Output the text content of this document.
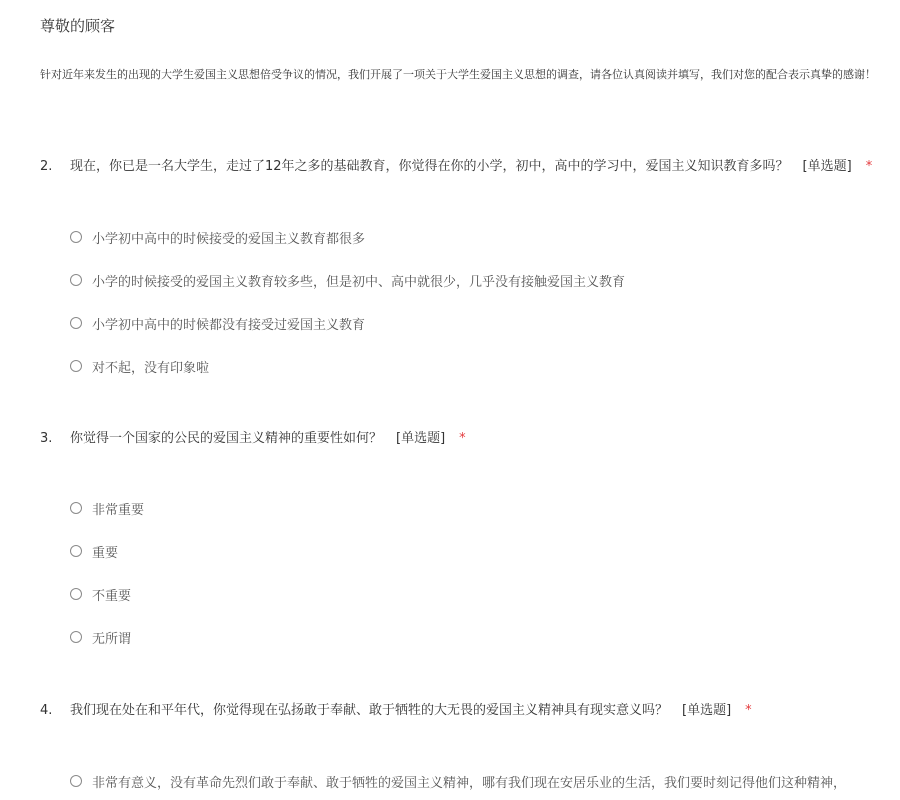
尊敬的顾客
针对近年来发生的出现的大学生爱国主义思想倍受争议的情况，我们开展了一项关于大学生爱国主义思想的调查，请各位认真阅读并填写，我们对您的配合表示真挚的感谢！
2. 现在，你已是一名大学生，走过了12年之多的基础教育，你觉得在你的小学，初中，高中的学习中，爱国主义知识教育多吗？ [单选题] *
小学初中高中的时候接受的爱国主义教育都很多
小学的时候接受的爱国主义教育较多些，但是初中、高中就很少，几乎没有接触爱国主义教育
小学初中高中的时候都没有接受过爱国主义教育
对不起，没有印象啦
3. 你觉得一个国家的公民的爱国主义精神的重要性如何？ [单选题] *
非常重要
重要
不重要
无所谓
4. 我们现在处在和平年代，你觉得现在弘扬敢于奉献、敢于牺牲的大无畏的爱国主义精神具有现实意义吗？ [单选题] *
非常有意义，没有革命先烈们敢于奉献、敢于牺牲的爱国主义精神，哪有我们现在安居乐业的生活，我们要时刻记得他们这种精神，
